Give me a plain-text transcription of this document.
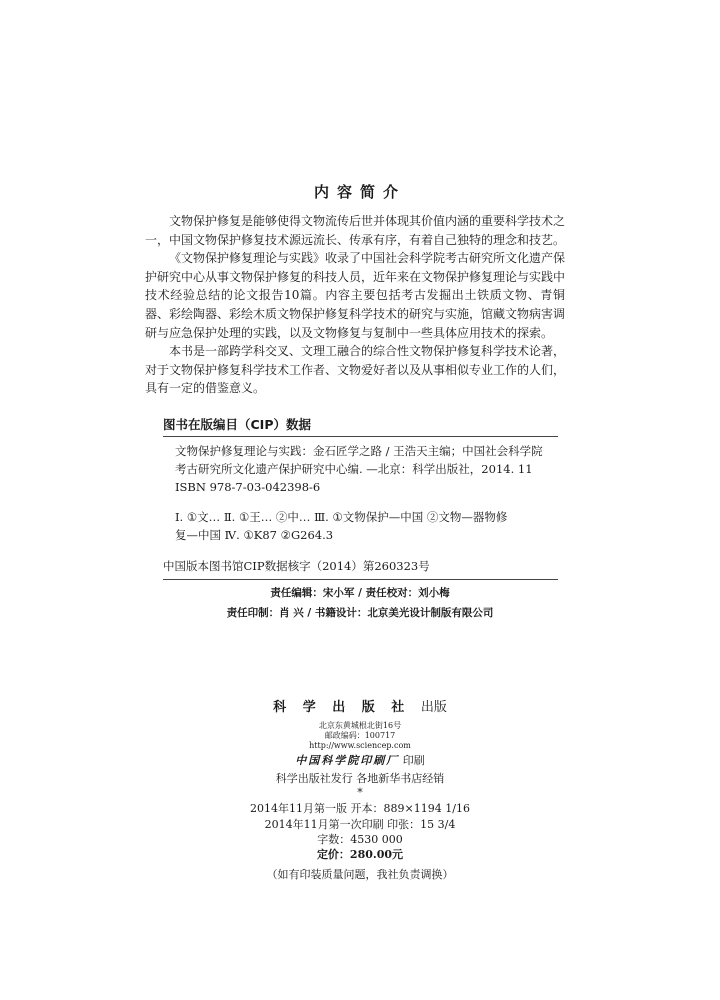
内容简介

文物保护修复是能够使得文物流传后世并体现其价值内涵的重要科学技术之一，中国文物保护修复技术源远流长、传承有序，有着自己独特的理念和技艺。

《文物保护修复理论与实践》收录了中国社会科学院考古研究所文化遗产保护研究中心从事文物保护修复的科技人员，近年来在文物保护修复理论与实践中技术经验总结的论文报告10篇。内容主要包括考古发掘出土铁质文物、青铜器、彩绘陶器、彩绘木质文物保护修复科学技术的研究与实施，馆藏文物病害调研与应急保护处理的实践，以及文物修复与复制中一些具体应用技术的探索。

本书是一部跨学科交叉、文理工融合的综合性文物保护修复科学技术论著，对于文物保护修复科学技术工作者、文物爱好者以及从事相似专业工作的人们，具有一定的借鉴意义。

图书在版编目（CIP）数据
文物保护修复理论与实践：金石匠学之路 / 王浩天主编；中国社会科学院
考古研究所文化遗产保护研究中心编. —北京：科学出版社，2014. 11
ISBN 978-7-03-042398-6
Ⅰ. ①文… Ⅱ. ①王… ②中… Ⅲ. ①文物保护—中国 ②文物—器物修
复—中国 Ⅳ. ①K87 ②G264.3
中国版本图书馆CIP数据核字（2014）第260323号
责任编辑：宋小军 / 责任校对：刘小梅
责任印制：肖 兴 / 书籍设计：北京美光设计制版有限公司
科 学 出 版 社 出版
北京东黄城根北街16号
邮政编码：100717
http://www.sciencep.com
中国科学院印刷厂 印刷
科学出版社发行 各地新华书店经销
*
2014年11月第一版 开本：889×1194 1/16
2014年11月第一次印刷 印张：15 3/4
字数：4530 000
定价：280.00元
（如有印装质量问题，我社负责调换）
